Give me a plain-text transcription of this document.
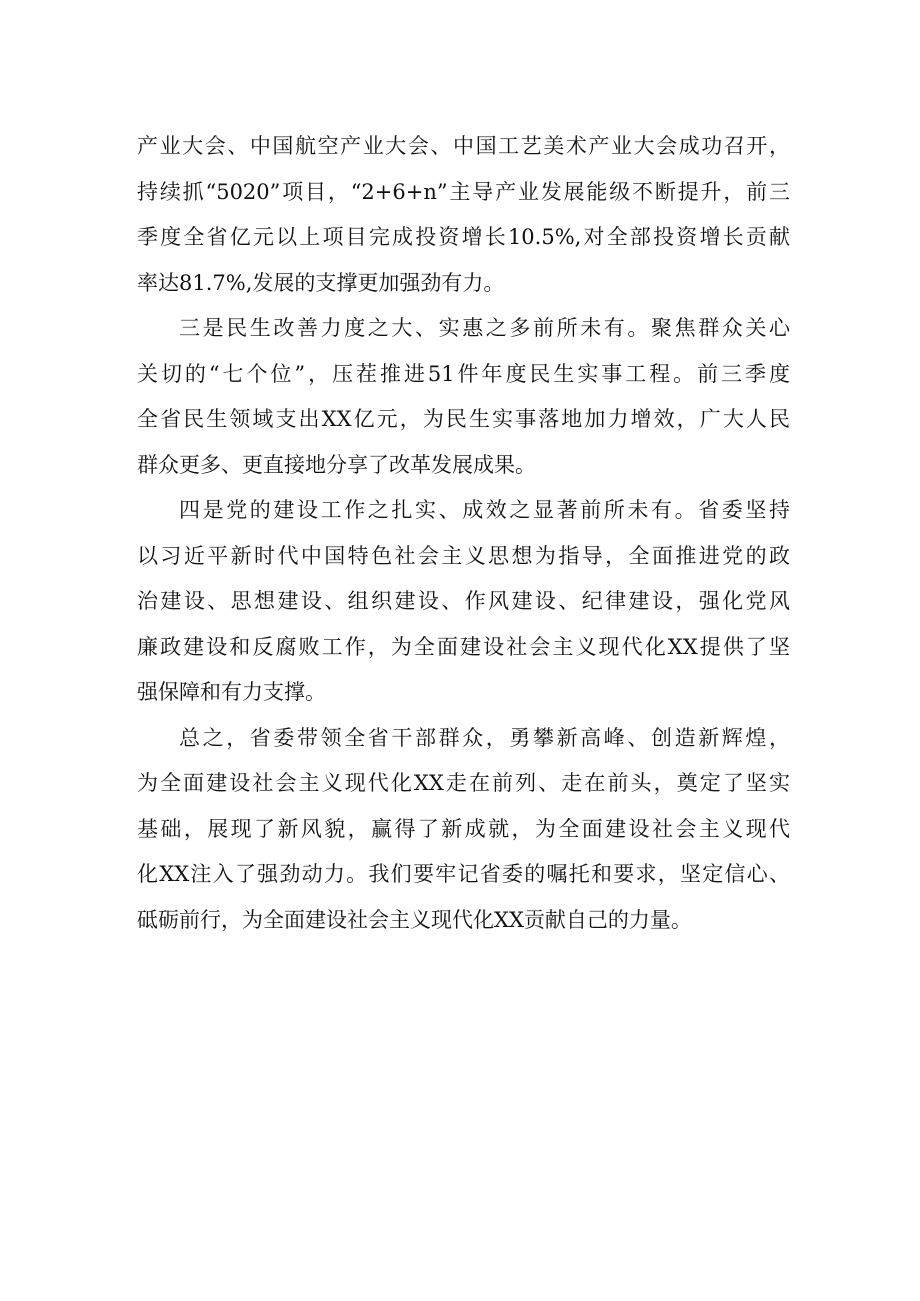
产业大会、中国航空产业大会、中国工艺美术产业大会成功召开，
持续抓“5020”项目，“2+6+n”主导产业发展能级不断提升，前三
季度全省亿元以上项目完成投资增长10.5%,对全部投资增长贡献
率达81.7%,发展的支撑更加强劲有力。
三是民生改善力度之大、实惠之多前所未有。聚焦群众关心
关切的“七个位”，压茬推进51件年度民生实事工程。前三季度
全省民生领域支出XX亿元，为民生实事落地加力增效，广大人民
群众更多、更直接地分享了改革发展成果。
四是党的建设工作之扎实、成效之显著前所未有。省委坚持
以习近平新时代中国特色社会主义思想为指导，全面推进党的政
治建设、思想建设、组织建设、作风建设、纪律建设，强化党风
廉政建设和反腐败工作，为全面建设社会主义现代化XX提供了坚
强保障和有力支撑。
总之，省委带领全省干部群众，勇攀新高峰、创造新辉煌，
为全面建设社会主义现代化XX走在前列、走在前头，奠定了坚实
基础，展现了新风貌，赢得了新成就，为全面建设社会主义现代
化XX注入了强劲动力。我们要牢记省委的嘱托和要求，坚定信心、
砥砺前行，为全面建设社会主义现代化XX贡献自己的力量。
